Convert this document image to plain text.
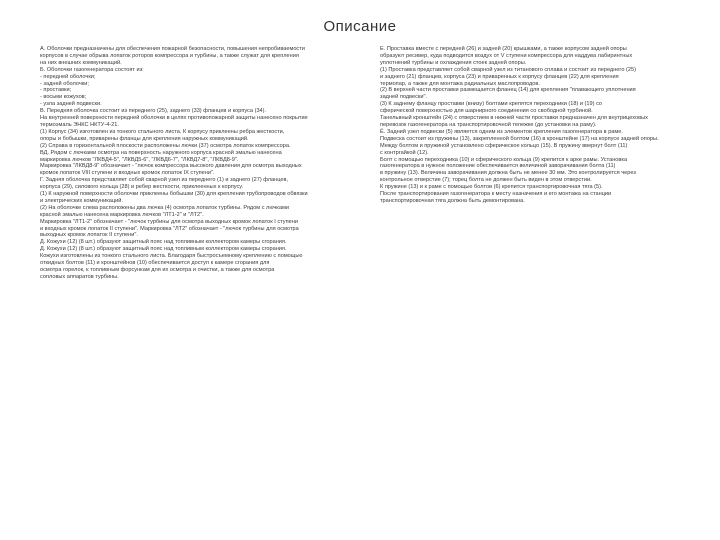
Описание

А. Оболочки предназначены для обеспечения пожарной безопасности, повышения непробиваемости

корпусов в случае обрыва лопаток роторов компрессора и турбины, а также служат для крепления

на них внешних коммуникаций.

Б. Оболочки газогенератора состоят из:

- передней оболочки;

- задней оболочки;

- проставки;

- восьми кожухов;

- узла задней подвески.

В. Передняя оболочка состоит из переднего (25), заднего (33) фланцев и корпуса (34).

На внутренней поверхности передней оболочки в целях противопожарной защиты нанесено покрытие

термоэмаль ЭНКС НКТУ-4-21.

(1) Корпус (34) изготовлен из тонкого стального листа. К корпусу приклеены ребра жесткости,

опоры и бобышки, приварены фланцы для крепления наружных коммуникаций.

(2) Справа в горизонтальной плоскости расположены лючки (37) осмотра лопаток компрессора.

ВД. Рядом с лючками осмотра на поверхность наружного корпуса красной эмалью нанесена

маркировка лючков "ЛКВД4-5", "ЛКВД5-6", "ЛКВД6-7", "ЛКВД7-8", "ЛКВД8-9".

Маркировка "ЛКВД8-9" обозначает - "лючок компрессора высокого давления для осмотра выходных

кромок лопаток VIII ступени и входных кромок лопаток IX ступени".

Г. Задняя оболочка представляет собой сварной узел из переднего (1) и заднего (27) фланцев,

корпуса (29), силового кольца (28) и ребер жесткости, приклеенных к корпусу.

(1) К наружной поверхности оболочки приклеены бобышки (30) для крепления трубопроводов обвязки

и электрических коммуникаций.

(2) На оболочке слева расположены два лючка (4) осмотра лопаток турбины. Рядом с лючками

красной эмалью нанесена маркировка лючков "ЛТ1-2" и "ЛТ2".

Маркировка "ЛТ1-2" обозначает - "лючок турбины для осмотра выходных кромок лопаток I ступени

и входных кромок лопаток II ступени". Маркировка "ЛТ2" обозначает - "лючок турбины для осмотра

выходных кромок лопаток II ступени".

Д. Кожухи (12) (8 шт.) образуют защитный пояс над топливным коллектором камеры сгорания.

Д. Кожухи (12) (8 шт.) образуют защитный пояс над топливным коллектором камеры сгорания.

Кожухи изготовлены из тонкого стального листа. Благодаря быстросъемному креплению с помощью

откидных болтов (11) и кронштейнов (10) обеспечивается доступ к камере сгорания для

осмотра горелок, к топливным форсункам для их осмотра и очистки, а также для осмотра

сопловых аппаратов турбины.

Е. Проставка вместе с передней (26) и задней (20) крышками, а также корпусом задней опоры

образуют ресивер, куда подводится воздух от V ступени компрессора для наддува лабиринтных

уплотнений турбины и охлаждения стоек задней опоры.

(1) Проставка представляет собой сварной узел из титанового сплава и состоит из переднего (25)

и заднего (21) фланцев, корпуса (23) и приваренных к корпусу фланцев (22) для крепления

термопар, а также для монтажа радиальных маслопроводов.

(2) В верхней части проставки размещается фланец (14) для крепления "плавающего уплотнения

задней подвески".

(3) К заднему фланцу проставки (внизу) болтами крепятся переходники (18) и (19) со

сферической поверхностью для шарнирного соединения со свободной турбиной.

Танельвный кронштейн (24) с отверстием в нижней части проставки предназначен для внутрицеховых

перевозок газогенератора на транспортировочной тележке (до установки на раму).

Ё. Задний узел подвески (5) является одним из элементов крепления газогенератора в раме.

Подвеска состоит из пружины (13), закрепленной болтом (16) в кронштейне (17) на корпусе задней опоры.

Между болтом и пружиной установлено сферическое кольцо (15). В пружину ввернут болт (11)

с контргайкой (12).

Болт с помощью переходника (10) и сферического кольца (9) крепится к арке рамы. Установка

газогенератора в нужное положение обеспечивается величиной заворачивания болта (11)

в пружину (13). Величина заворачивания должна быть не менее 30 мм. Это контролируется через

контрольное отверстие (7); торец болта не должен быть виден в этом отверстии.

К пружине (13) и к раме с помощью болтов (6) крепится транспортировочная тяга (5).

После транспортирования газогенератора к месту назначения и его монтажа на станции

транспортировочная тяга должна быть демонтирована.
